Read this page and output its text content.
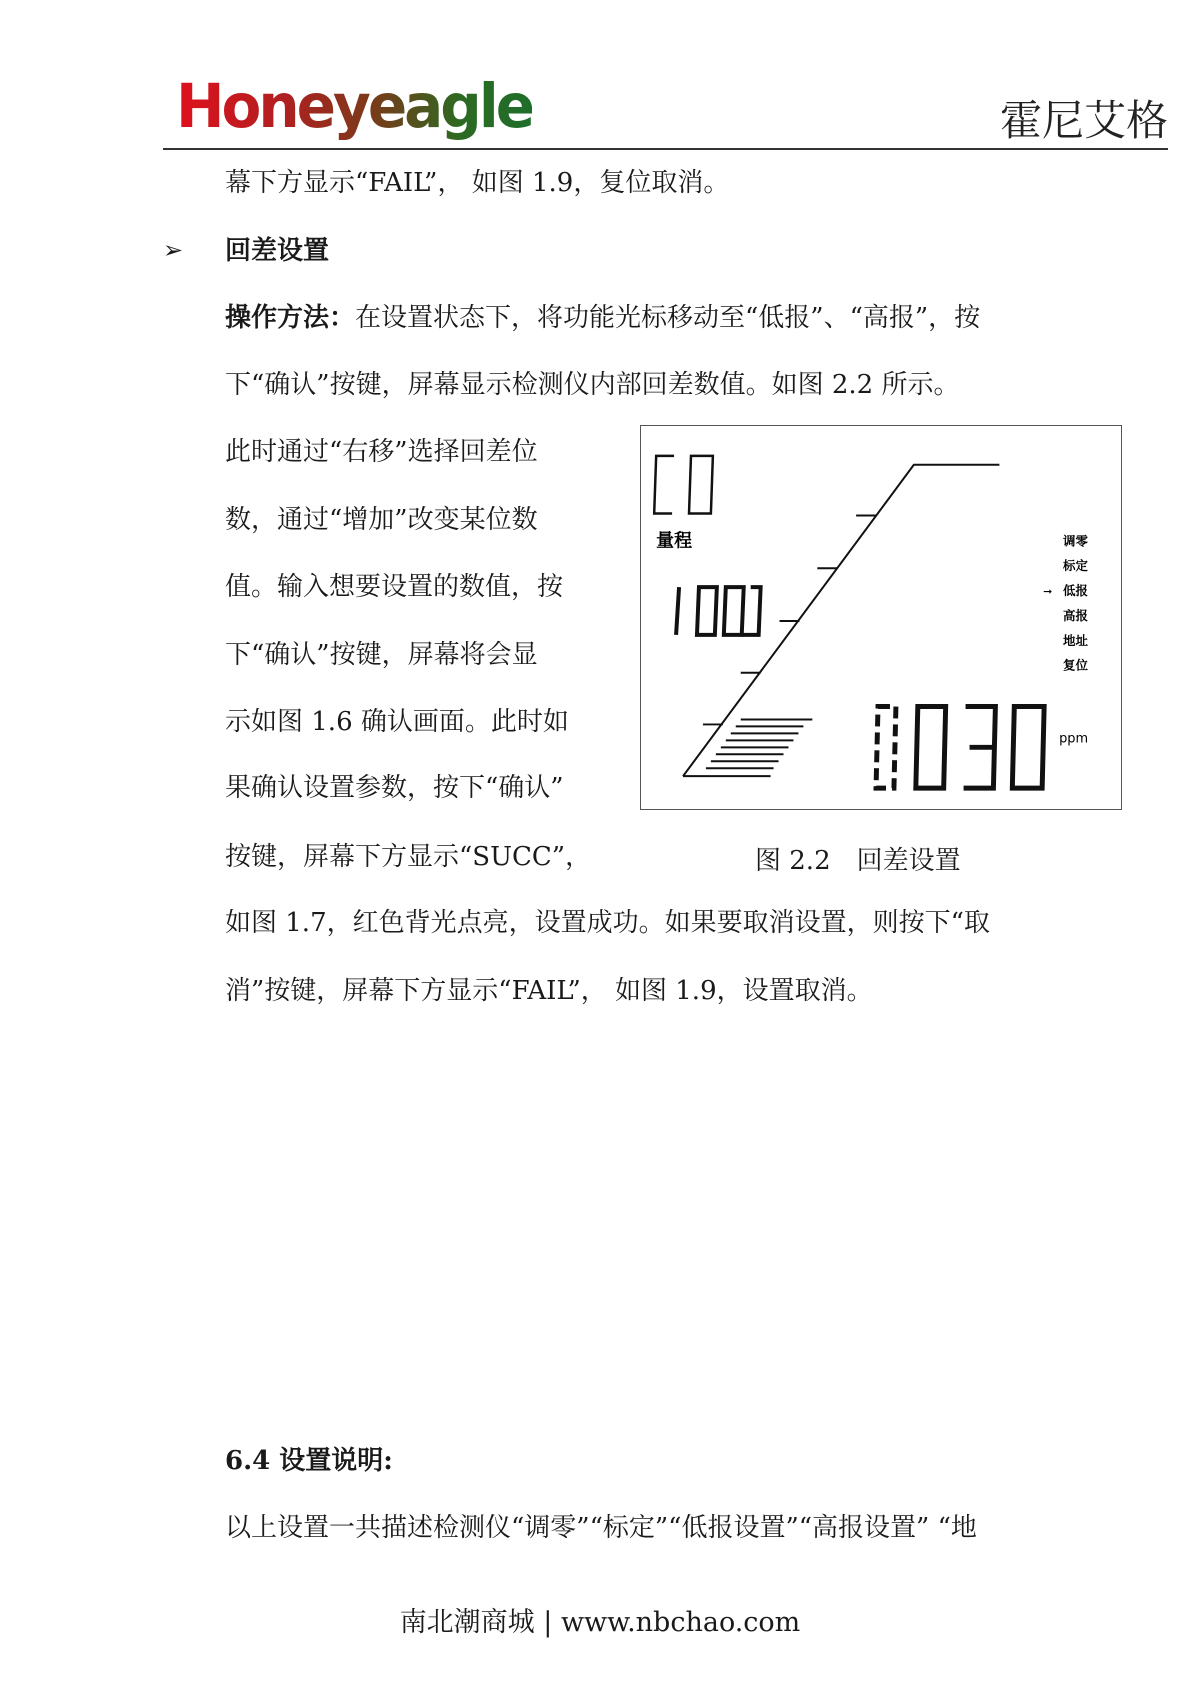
Honeyeagle	霍尼艾格
幕下方显示“FAIL”， 如图 1.9，复位取消。
➢ 回差设置
操作方法：在设置状态下，将功能光标移动至“低报”、“高报”，按
下“确认”按键，屏幕显示检测仪内部回差数值。如图 2.2 所示。
此时通过“右移”选择回差位
数，通过“增加”改变某位数
值。输入想要设置的数值，按
下“确认”按键，屏幕将会显
示如图 1.6 确认画面。此时如
果确认设置参数，按下“确认”
按键，屏幕下方显示“SUCC”，
量程
ppm
调零
标定
➞ 低报
高报
地址
复位
图 2.2　回差设置
如图 1.7，红色背光点亮，设置成功。如果要取消设置，则按下“取
消”按键，屏幕下方显示“FAIL”， 如图 1.9，设置取消。
6.4 设置说明:
以上设置一共描述检测仪“调零”“标定”“低报设置”“高报设置” “地
南北潮商城 | www.nbchao.com
